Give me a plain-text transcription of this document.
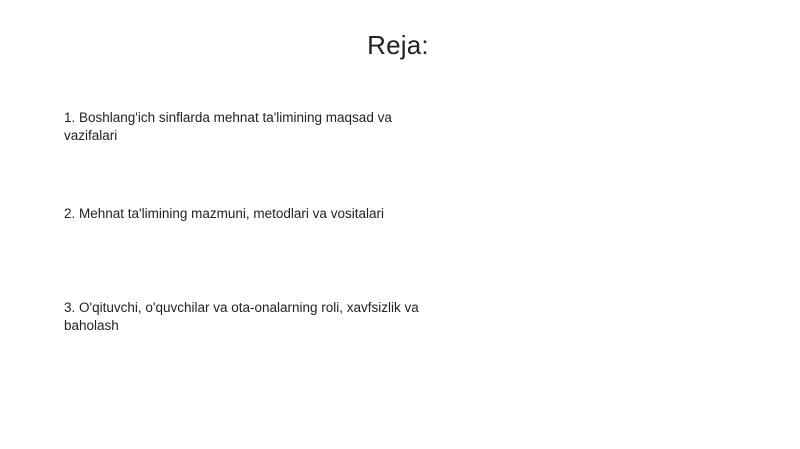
Reja:
1. Boshlang'ich sinflarda mehnat ta'limining maqsad va vazifalari
2. Mehnat ta'limining mazmuni, metodlari va vositalari
3. O'qituvchi, o'quvchilar va ota-onalarning roli, xavfsizlik va baholash
